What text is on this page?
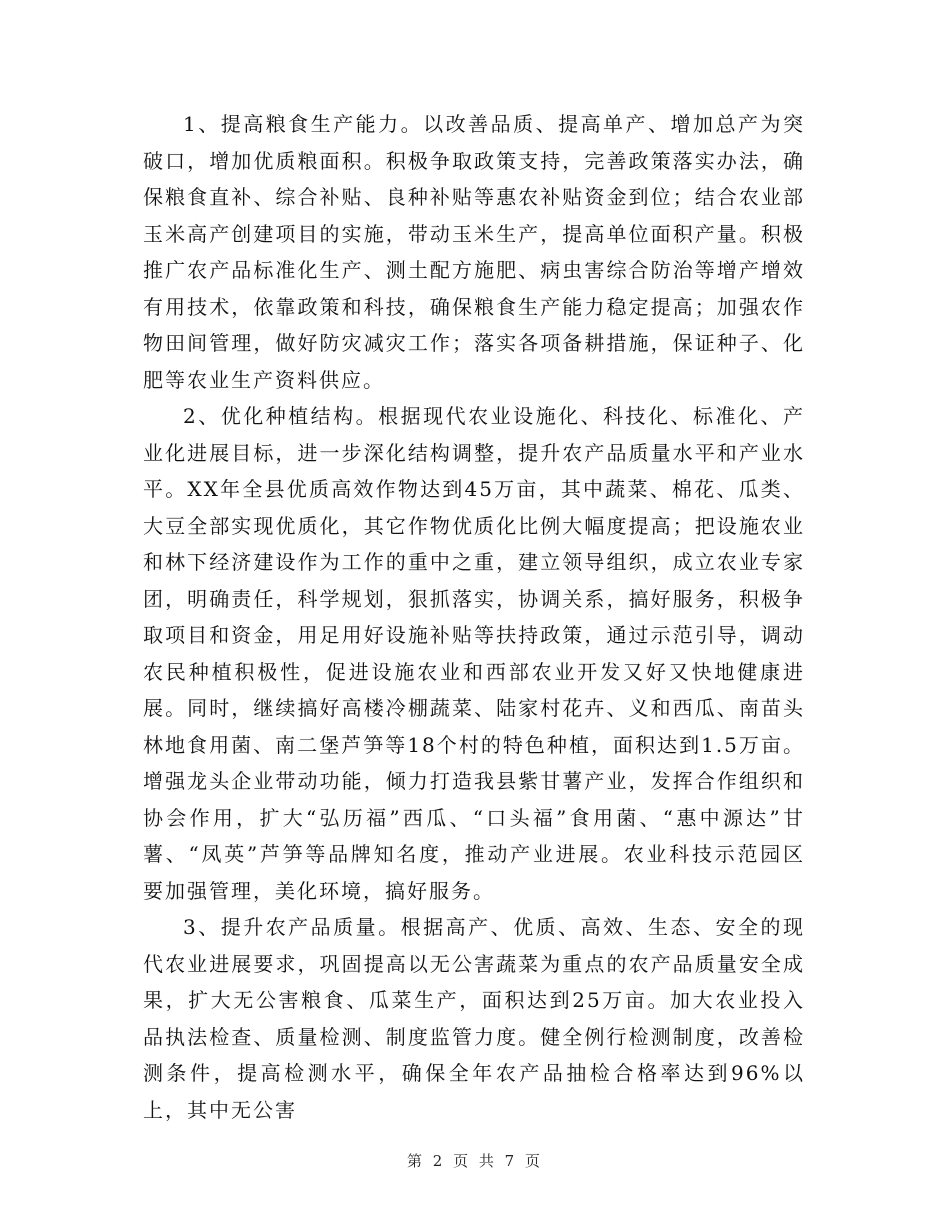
1、提高粮食生产能力。以改善品质、提高单产、增加总产为突破口，增加优质粮面积。积极争取政策支持，完善政策落实办法，确保粮食直补、综合补贴、良种补贴等惠农补贴资金到位；结合农业部玉米高产创建项目的实施，带动玉米生产，提高单位面积产量。积极推广农产品标准化生产、测土配方施肥、病虫害综合防治等增产增效有用技术，依靠政策和科技，确保粮食生产能力稳定提高；加强农作物田间管理，做好防灾减灾工作；落实各项备耕措施，保证种子、化肥等农业生产资料供应。

2、优化种植结构。根据现代农业设施化、科技化、标准化、产业化进展目标，进一步深化结构调整，提升农产品质量水平和产业水平。XX年全县优质高效作物达到45万亩，其中蔬菜、棉花、瓜类、大豆全部实现优质化，其它作物优质化比例大幅度提高；把设施农业和林下经济建设作为工作的重中之重，建立领导组织，成立农业专家团，明确责任，科学规划，狠抓落实，协调关系，搞好服务，积极争取项目和资金，用足用好设施补贴等扶持政策，通过示范引导，调动农民种植积极性，促进设施农业和西部农业开发又好又快地健康进展。同时，继续搞好高楼冷棚蔬菜、陆家村花卉、义和西瓜、南苗头林地食用菌、南二堡芦笋等18个村的特色种植，面积达到1.5万亩。增强龙头企业带动功能，倾力打造我县紫甘薯产业，发挥合作组织和协会作用，扩大“弘历福”西瓜、“口头福”食用菌、“惠中源达”甘薯、“凤英”芦笋等品牌知名度，推动产业进展。农业科技示范园区要加强管理，美化环境，搞好服务。

3、提升农产品质量。根据高产、优质、高效、生态、安全的现代农业进展要求，巩固提高以无公害蔬菜为重点的农产品质量安全成果，扩大无公害粮食、瓜菜生产，面积达到25万亩。加大农业投入品执法检查、质量检测、制度监管力度。健全例行检测制度，改善检测条件，提高检测水平，确保全年农产品抽检合格率达到96%以上，其中无公害

第 2 页 共 7 页
